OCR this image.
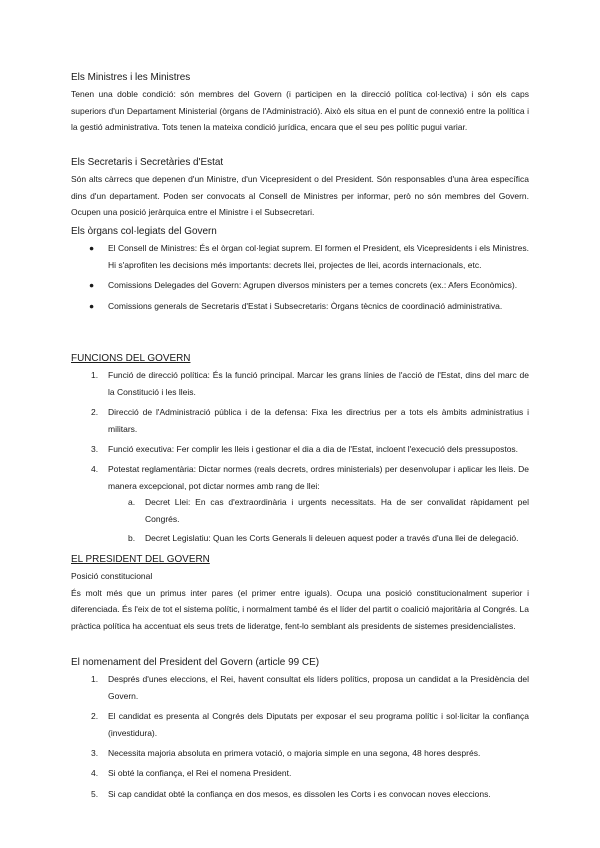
Els Ministres i les Ministres

Tenen una doble condició: són membres del Govern (i participen en la direcció política col·lectiva) i són els caps superiors d'un Departament Ministerial (òrgans de l'Administració). Això els situa en el punt de connexió entre la política i la gestió administrativa. Tots tenen la mateixa condició jurídica, encara que el seu pes polític pugui variar.

Els Secretaris i Secretàries d'Estat

Són alts càrrecs que depenen d'un Ministre, d'un Vicepresident o del President. Són responsables d'una àrea específica dins d'un departament. Poden ser convocats al Consell de Ministres per informar, però no són membres del Govern. Ocupen una posició jeràrquica entre el Ministre i el Subsecretari.

Els òrgans col·legiats del Govern
● El Consell de Ministres: És el òrgan col·legiat suprem. El formen el President, els Vicepresidents i els Ministres. Hi s'aprofiten les decisions més importants: decrets llei, projectes de llei, acords internacionals, etc.
● Comissions Delegades del Govern: Agrupen diversos ministers per a temes concrets (ex.: Afers Econòmics).
● Comissions generals de Secretaris d'Estat i Subsecretaris: Òrgans tècnics de coordinació administrativa.
FUNCIONS DEL GOVERN
1. Funció de direcció política: És la funció principal. Marcar les grans línies de l'acció de l'Estat, dins del marc de la Constitució i les lleis.
2. Direcció de l'Administració pública i de la defensa: Fixa les directrius per a tots els àmbits administratius i militars.
3. Funció executiva: Fer complir les lleis i gestionar el dia a dia de l'Estat, incloent l'execució dels pressupostos.
4. Potestat reglamentària: Dictar normes (reals decrets, ordres ministerials) per desenvolupar i aplicar les lleis. De manera excepcional, pot dictar normes amb rang de llei:
a. Decret Llei: En cas d'extraordinària i urgents necessitats. Ha de ser convalidat ràpidament pel Congrés.
b. Decret Legislatiu: Quan les Corts Generals li deleuen aquest poder a través d'una llei de delegació.
EL PRESIDENT DEL GOVERN
Posició constitucional

És molt més que un primus inter pares (el primer entre iguals). Ocupa una posició constitucionalment superior i diferenciada. És l'eix de tot el sistema polític, i normalment també és el líder del partit o coalició majoritària al Congrés. La pràctica política ha accentuat els seus trets de lideratge, fent-lo semblant als presidents de sistemes presidencialistes.

El nomenament del President del Govern (article 99 CE)
1. Després d'unes eleccions, el Rei, havent consultat els líders polítics, proposa un candidat a la Presidència del Govern.
2. El candidat es presenta al Congrés dels Diputats per exposar el seu programa polític i sol·licitar la confiança (investidura).
3. Necessita majoria absoluta en primera votació, o majoria simple en una segona, 48 hores després.
4. Si obté la confiança, el Rei el nomena President.
5. Si cap candidat obté la confiança en dos mesos, es dissolen les Corts i es convocan noves eleccions.
